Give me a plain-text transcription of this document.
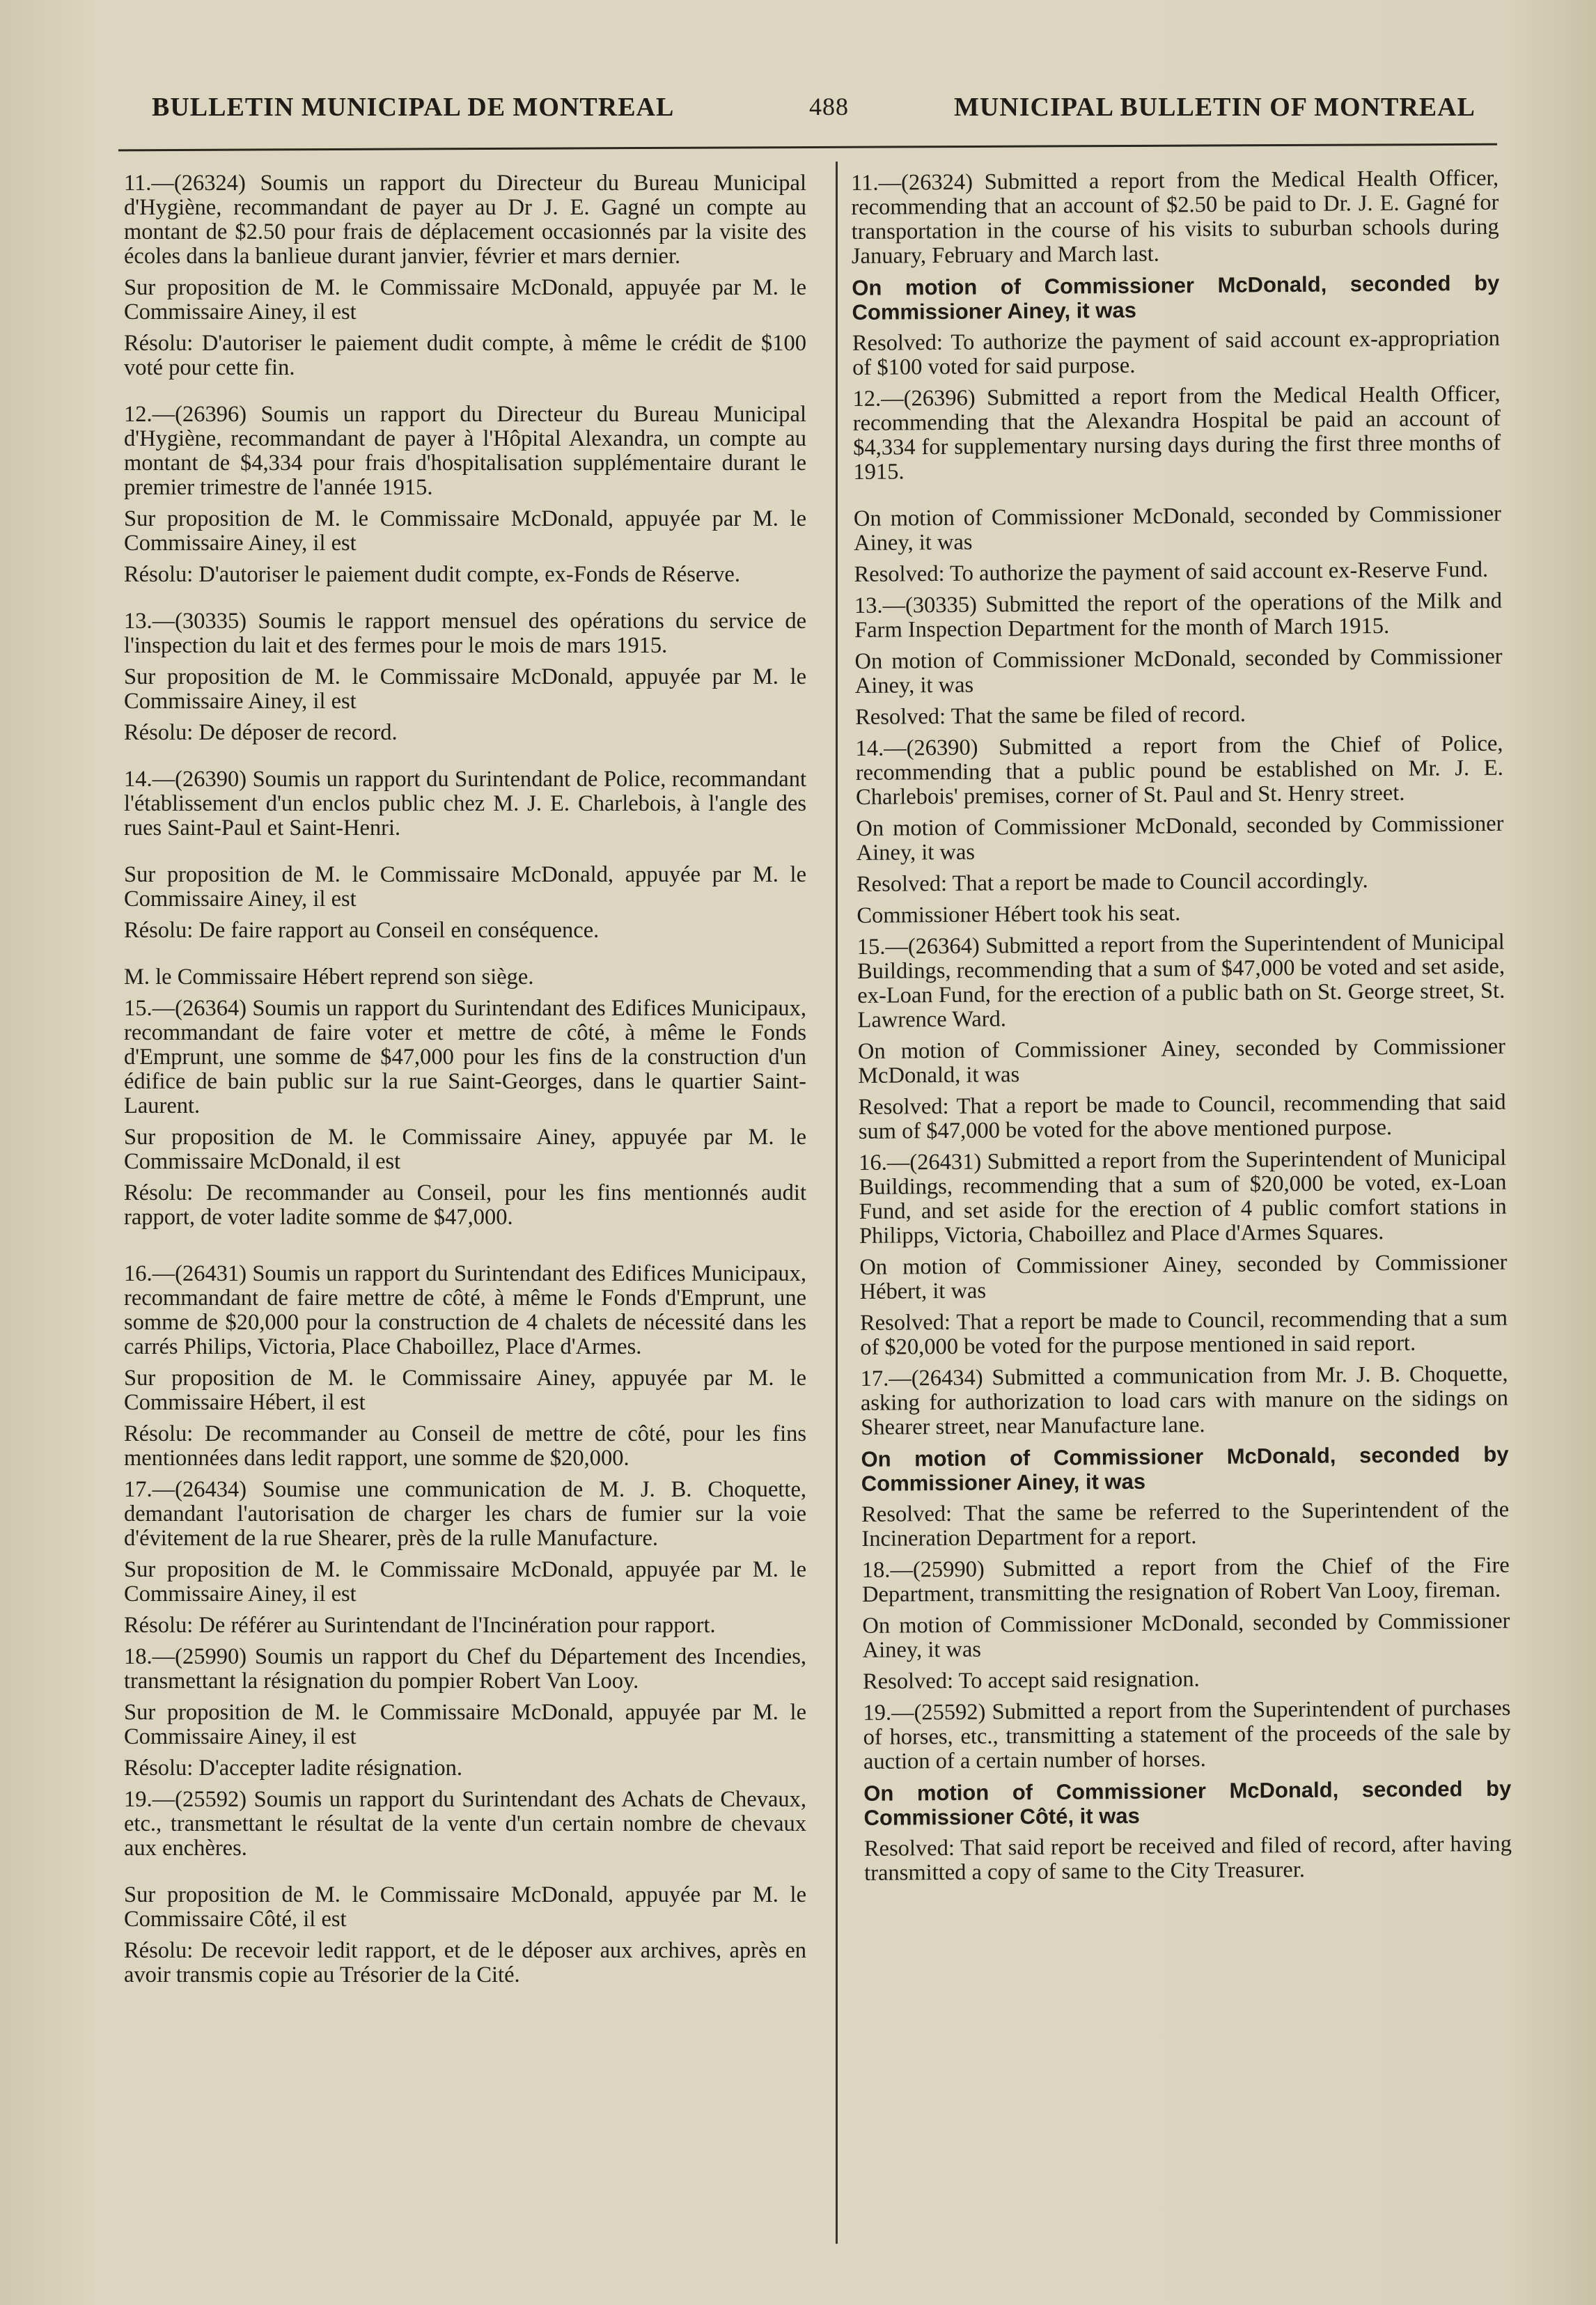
BULLETIN MUNICIPAL DE MONTREAL	488	MUNICIPAL BULLETIN OF MONTREAL

11.—(26324) Soumis un rapport du Directeur du Bureau Municipal d'Hygiène, recommandant de payer au Dr J. E. Gagné un compte au montant de $2.50 pour frais de déplacement occasionnés par la visite des écoles dans la banlieue durant janvier, février et mars dernier.

Sur proposition de M. le Commissaire McDonald, appuyée par M. le Commissaire Ainey, il est

Résolu: D'autoriser le paiement dudit compte, à même le crédit de $100 voté pour cette fin.

12.—(26396) Soumis un rapport du Directeur du Bureau Municipal d'Hygiène, recommandant de payer à l'Hôpital Alexandra, un compte au montant de $4,334 pour frais d'hospitalisation supplémentaire durant le premier trimestre de l'année 1915.

Sur proposition de M. le Commissaire McDonald, appuyée par M. le Commissaire Ainey, il est

Résolu: D'autoriser le paiement dudit compte, ex-Fonds de Réserve.

13.—(30335) Soumis le rapport mensuel des opérations du service de l'inspection du lait et des fermes pour le mois de mars 1915.

Sur proposition de M. le Commissaire McDonald, appuyée par M. le Commissaire Ainey, il est

Résolu: De déposer de record.

14.—(26390) Soumis un rapport du Surintendant de Police, recommandant l'établissement d'un enclos public chez M. J. E. Charlebois, à l'angle des rues Saint-Paul et Saint-Henri.

Sur proposition de M. le Commissaire McDonald, appuyée par M. le Commissaire Ainey, il est

Résolu: De faire rapport au Conseil en conséquence.

M. le Commissaire Hébert reprend son siège.

15.—(26364) Soumis un rapport du Surintendant des Edifices Municipaux, recommandant de faire voter et mettre de côté, à même le Fonds d'Emprunt, une somme de $47,000 pour les fins de la construction d'un édifice de bain public sur la rue Saint-Georges, dans le quartier Saint-Laurent.

Sur proposition de M. le Commissaire Ainey, appuyée par M. le Commissaire McDonald, il est

Résolu: De recommander au Conseil, pour les fins mentionnés audit rapport, de voter ladite somme de $47,000.

16.—(26431) Soumis un rapport du Surintendant des Edifices Municipaux, recommandant de faire mettre de côté, à même le Fonds d'Emprunt, une somme de $20,000 pour la construction de 4 chalets de nécessité dans les carrés Philips, Victoria, Place Chaboillez, Place d'Armes.

Sur proposition de M. le Commissaire Ainey, appuyée par M. le Commissaire Hébert, il est

Résolu: De recommander au Conseil de mettre de côté, pour les fins mentionnées dans ledit rapport, une somme de $20,000.

17.—(26434) Soumise une communication de M. J. B. Choquette, demandant l'autorisation de charger les chars de fumier sur la voie d'évitement de la rue Shearer, près de la rulle Manufacture.

Sur proposition de M. le Commissaire McDonald, appuyée par M. le Commissaire Ainey, il est

Résolu: De référer au Surintendant de l'Incinération pour rapport.

18.—(25990) Soumis un rapport du Chef du Département des Incendies, transmettant la résignation du pompier Robert Van Looy.

Sur proposition de M. le Commissaire McDonald, appuyée par M. le Commissaire Ainey, il est

Résolu: D'accepter ladite résignation.

19.—(25592) Soumis un rapport du Surintendant des Achats de Chevaux, etc., transmettant le résultat de la vente d'un certain nombre de chevaux aux enchères.

Sur proposition de M. le Commissaire McDonald, appuyée par M. le Commissaire Côté, il est

Résolu: De recevoir ledit rapport, et de le déposer aux archives, après en avoir transmis copie au Trésorier de la Cité.

11.—(26324) Submitted a report from the Medical Health Officer, recommending that an account of $2.50 be paid to Dr. J. E. Gagné for transportation in the course of his visits to suburban schools during January, February and March last.

On motion of Commissioner McDonald, seconded by Commissioner Ainey, it was

Resolved: To authorize the payment of said account ex-appropriation of $100 voted for said purpose.

12.—(26396) Submitted a report from the Medical Health Officer, recommending that the Alexandra Hospital be paid an account of $4,334 for supplementary nursing days during the first three months of 1915.

On motion of Commissioner McDonald, seconded by Commissioner Ainey, it was

Resolved: To authorize the payment of said account ex-Reserve Fund.

13.—(30335) Submitted the report of the operations of the Milk and Farm Inspection Department for the month of March 1915.

On motion of Commissioner McDonald, seconded by Commissioner Ainey, it was

Resolved: That the same be filed of record.

14.—(26390) Submitted a report from the Chief of Police, recommending that a public pound be established on Mr. J. E. Charlebois' premises, corner of St. Paul and St. Henry street.

On motion of Commissioner McDonald, seconded by Commissioner Ainey, it was

Resolved: That a report be made to Council accordingly.

Commissioner Hébert took his seat.

15.—(26364) Submitted a report from the Superintendent of Municipal Buildings, recommending that a sum of $47,000 be voted and set aside, ex-Loan Fund, for the erection of a public bath on St. George street, St. Lawrence Ward.

On motion of Commissioner Ainey, seconded by Commissioner McDonald, it was

Resolved: That a report be made to Council, recommending that said sum of $47,000 be voted for the above mentioned purpose.

16.—(26431) Submitted a report from the Superintendent of Municipal Buildings, recommending that a sum of $20,000 be voted, ex-Loan Fund, and set aside for the erection of 4 public comfort stations in Philipps, Victoria, Chaboillez and Place d'Armes Squares.

On motion of Commissioner Ainey, seconded by Commissioner Hébert, it was

Resolved: That a report be made to Council, recommending that a sum of $20,000 be voted for the purpose mentioned in said report.

17.—(26434) Submitted a communication from Mr. J. B. Choquette, asking for authorization to load cars with manure on the sidings on Shearer street, near Manufacture lane.

On motion of Commissioner McDonald, seconded by Commissioner Ainey, it was

Resolved: That the same be referred to the Superintendent of the Incineration Department for a report.

18.—(25990) Submitted a report from the Chief of the Fire Department, transmitting the resignation of Robert Van Looy, fireman.

On motion of Commissioner McDonald, seconded by Commissioner Ainey, it was

Resolved: To accept said resignation.

19.—(25592) Submitted a report from the Superintendent of purchases of horses, etc., transmitting a statement of the proceeds of the sale by auction of a certain number of horses.

On motion of Commissioner McDonald, seconded by Commissioner Côté, it was

Resolved: That said report be received and filed of record, after having transmitted a copy of same to the City Treasurer.
